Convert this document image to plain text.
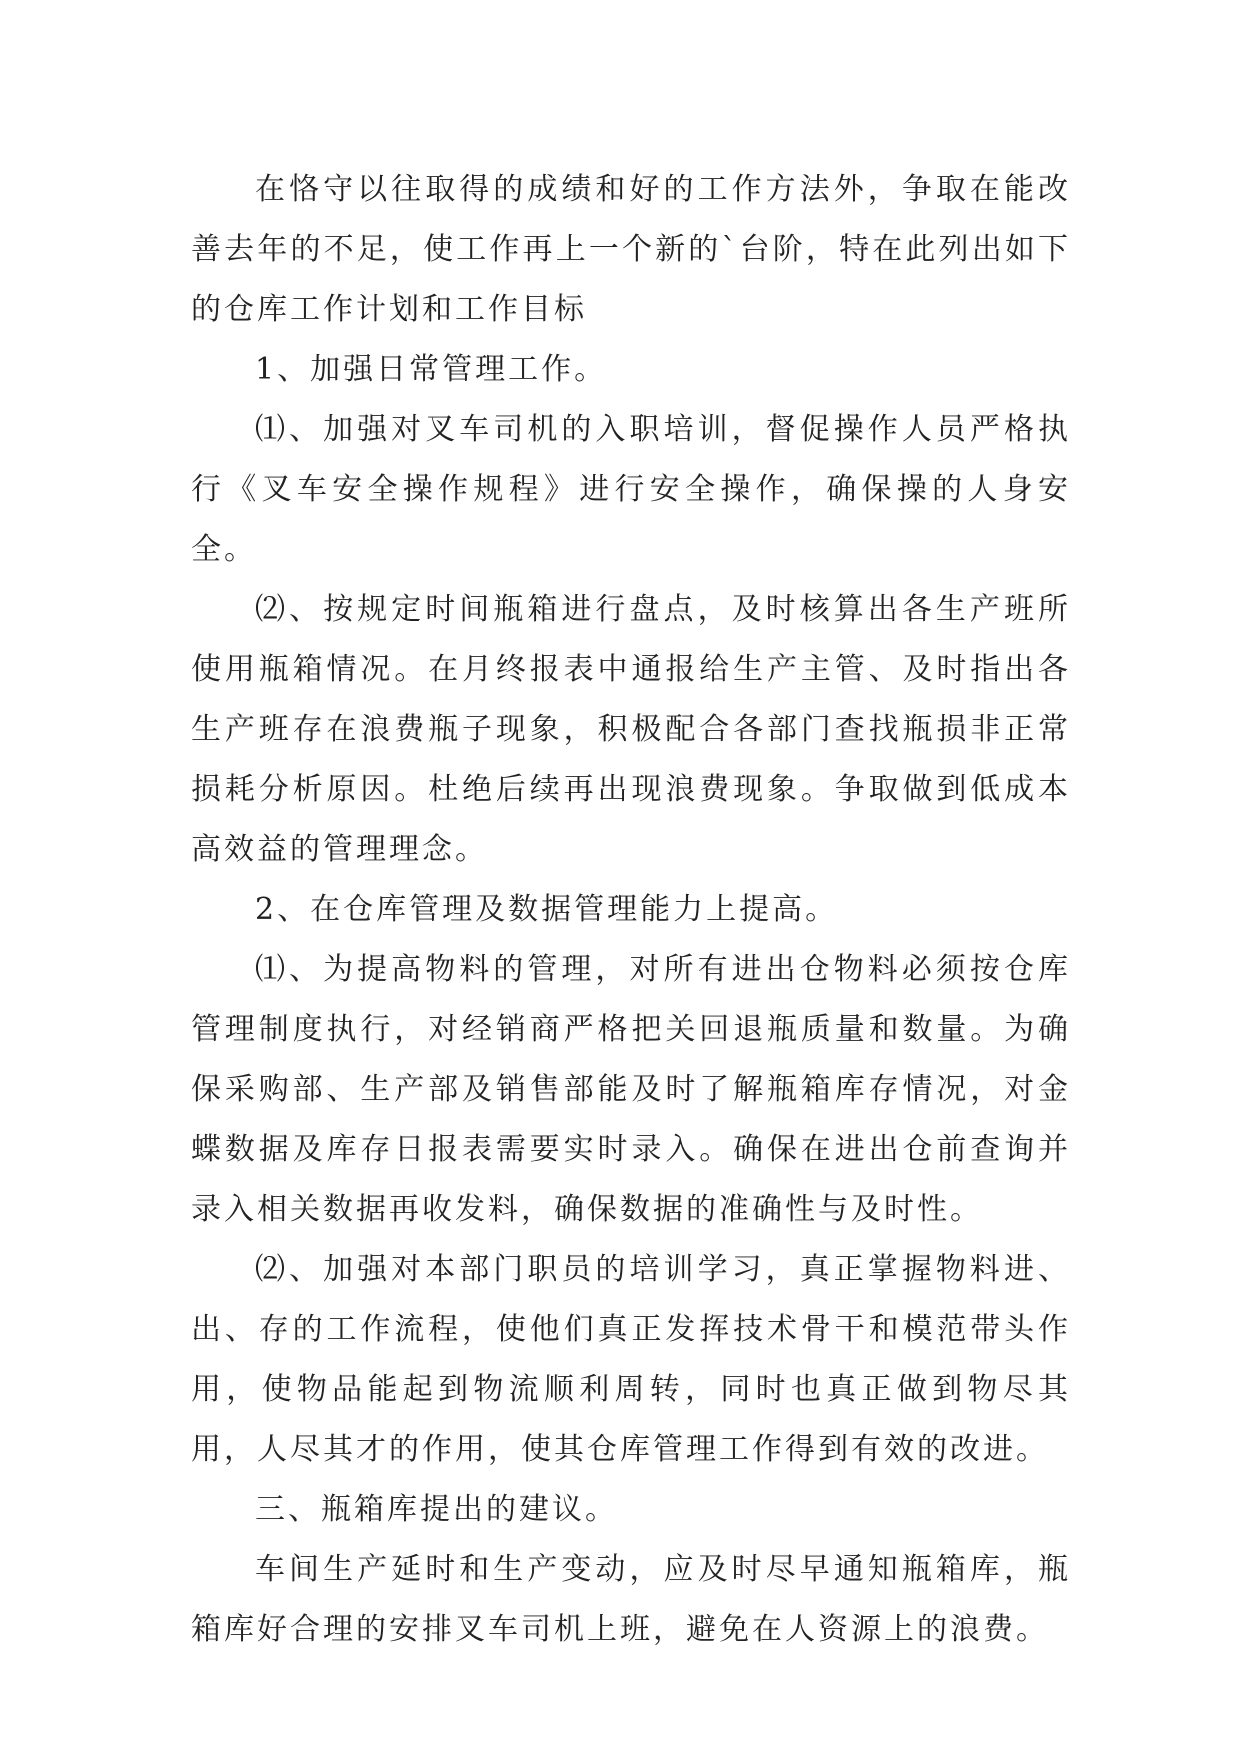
在恪守以往取得的成绩和好的工作方法外，争取在能改善去年的不足，使工作再上一个新的`台阶，特在此列出如下的仓库工作计划和工作目标

1、加强日常管理工作。

⑴、加强对叉车司机的入职培训，督促操作人员严格执行《叉车安全操作规程》进行安全操作，确保操的人身安全。

⑵、按规定时间瓶箱进行盘点，及时核算出各生产班所使用瓶箱情况。在月终报表中通报给生产主管、及时指出各生产班存在浪费瓶子现象，积极配合各部门查找瓶损非正常损耗分析原因。杜绝后续再出现浪费现象。争取做到低成本高效益的管理理念。

2、在仓库管理及数据管理能力上提高。

⑴、为提高物料的管理，对所有进出仓物料必须按仓库管理制度执行，对经销商严格把关回退瓶质量和数量。为确保采购部、生产部及销售部能及时了解瓶箱库存情况，对金蝶数据及库存日报表需要实时录入。确保在进出仓前查询并录入相关数据再收发料，确保数据的准确性与及时性。

⑵、加强对本部门职员的培训学习，真正掌握物料进、出、存的工作流程，使他们真正发挥技术骨干和模范带头作用，使物品能起到物流顺利周转，同时也真正做到物尽其用，人尽其才的作用，使其仓库管理工作得到有效的改进。

三、瓶箱库提出的建议。

车间生产延时和生产变动，应及时尽早通知瓶箱库，瓶箱库好合理的安排叉车司机上班，避免在人资源上的浪费。
